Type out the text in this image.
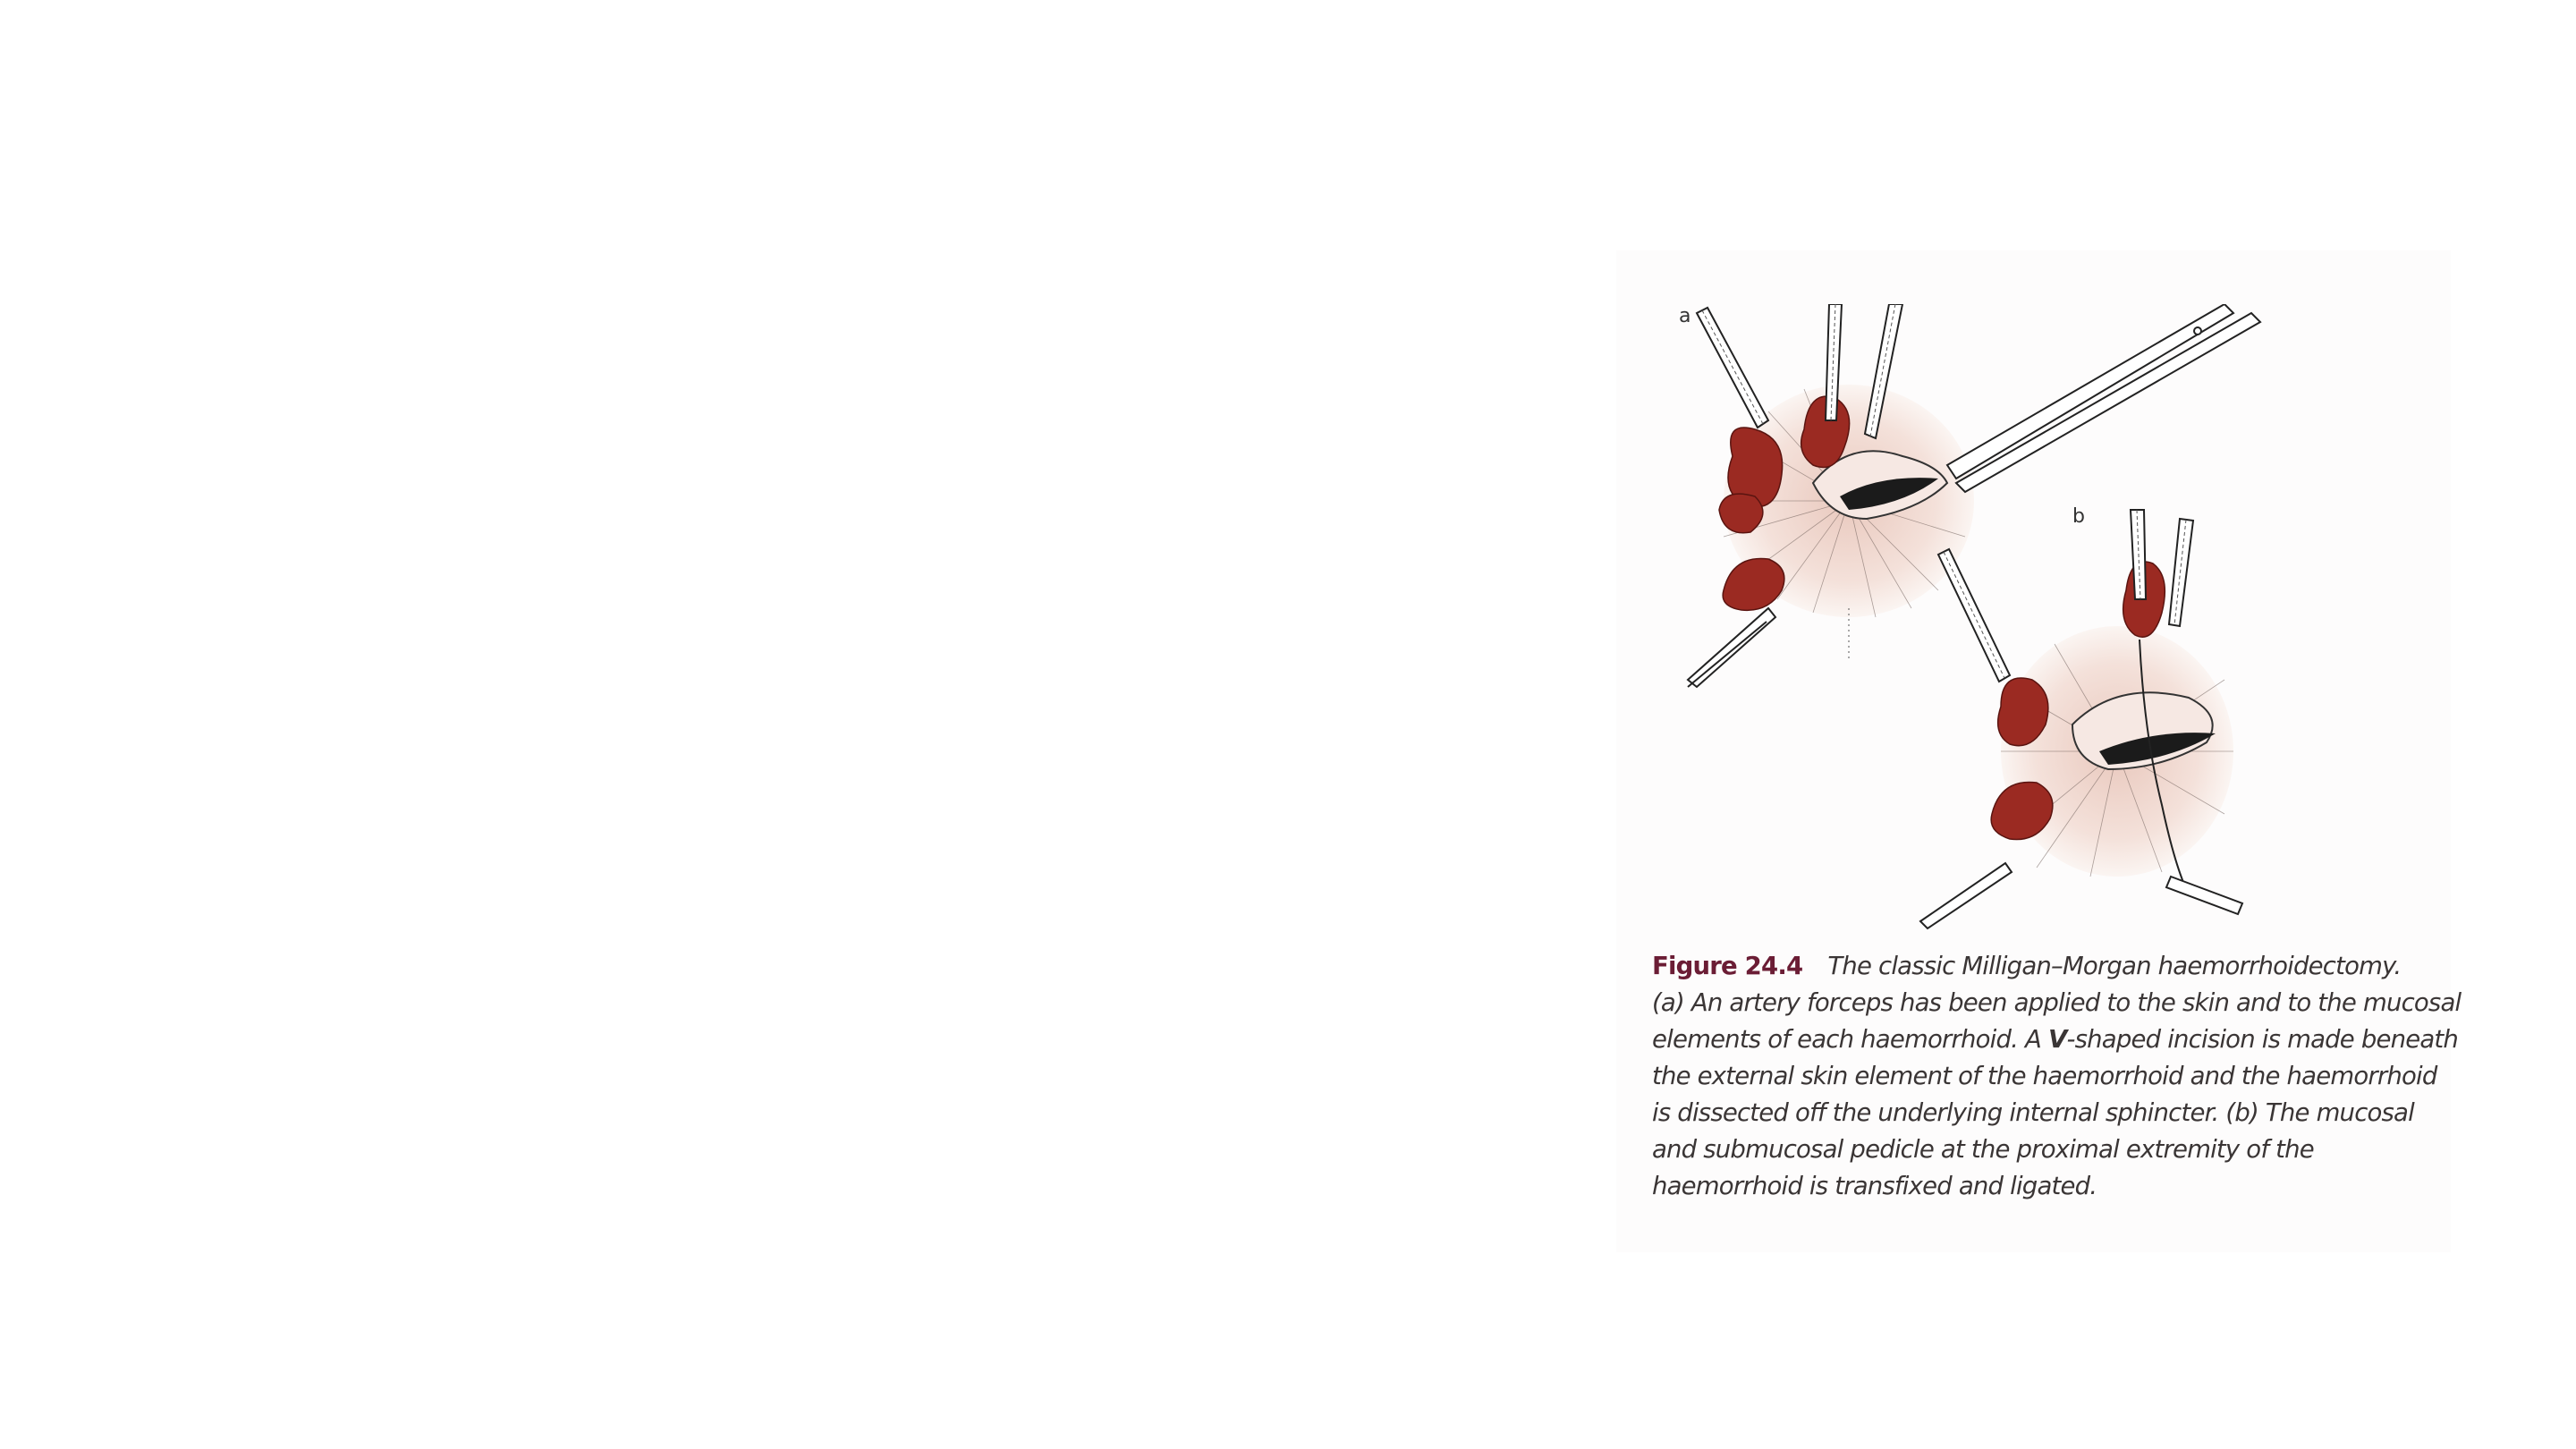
a
b
Figure 24.4 The classic Milligan–Morgan haemorrhoidectomy.
(a) An artery forceps has been applied to the skin and to the mucosal
elements of each haemorrhoid. A V-shaped incision is made beneath
the external skin element of the haemorrhoid and the haemorrhoid
is dissected off the underlying internal sphincter. (b) The mucosal
and submucosal pedicle at the proximal extremity of the
haemorrhoid is transfixed and ligated.
